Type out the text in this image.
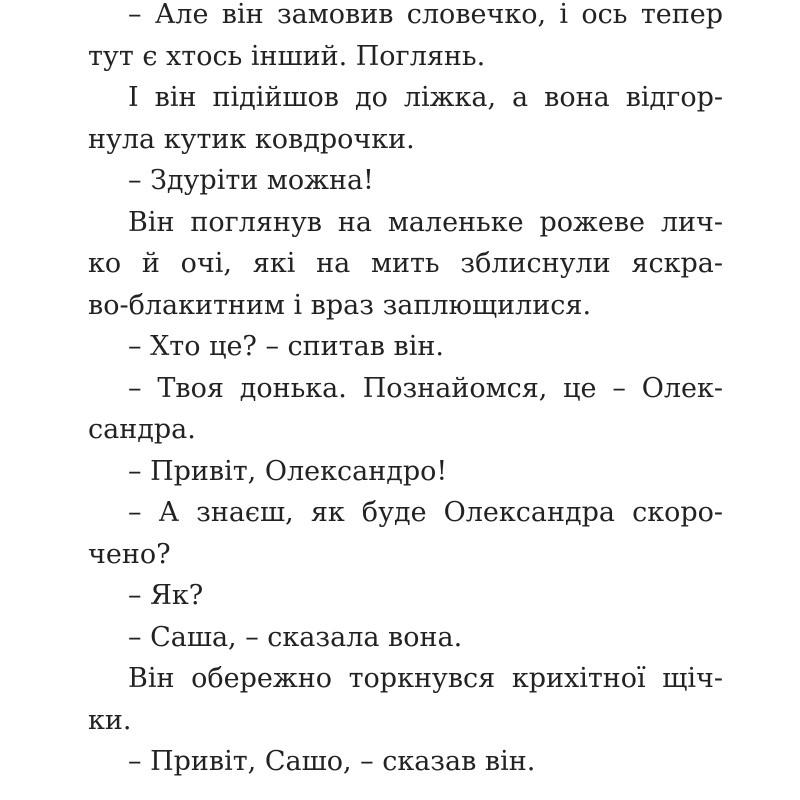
– Але він замовив словечко, і ось тепер
тут є хтось інший. Поглянь.
І він підійшов до ліжка, а вона відгор-
нула кутик ковдрочки.
– Здуріти можна!
Він поглянув на маленьке рожеве лич-
ко й очі, які на мить зблиснули яскра-
во-блакитним і враз заплющилися.
– Хто це? – спитав він.
– Твоя донька. Познайомся, це – Олек-
сандра.
– Привіт, Олександро!
– А знаєш, як буде Олександра скоро-
чено?
– Як?
– Саша, – сказала вона.
Він обережно торкнувся крихітної щіч-
ки.
– Привіт, Сашо, – сказав він.
